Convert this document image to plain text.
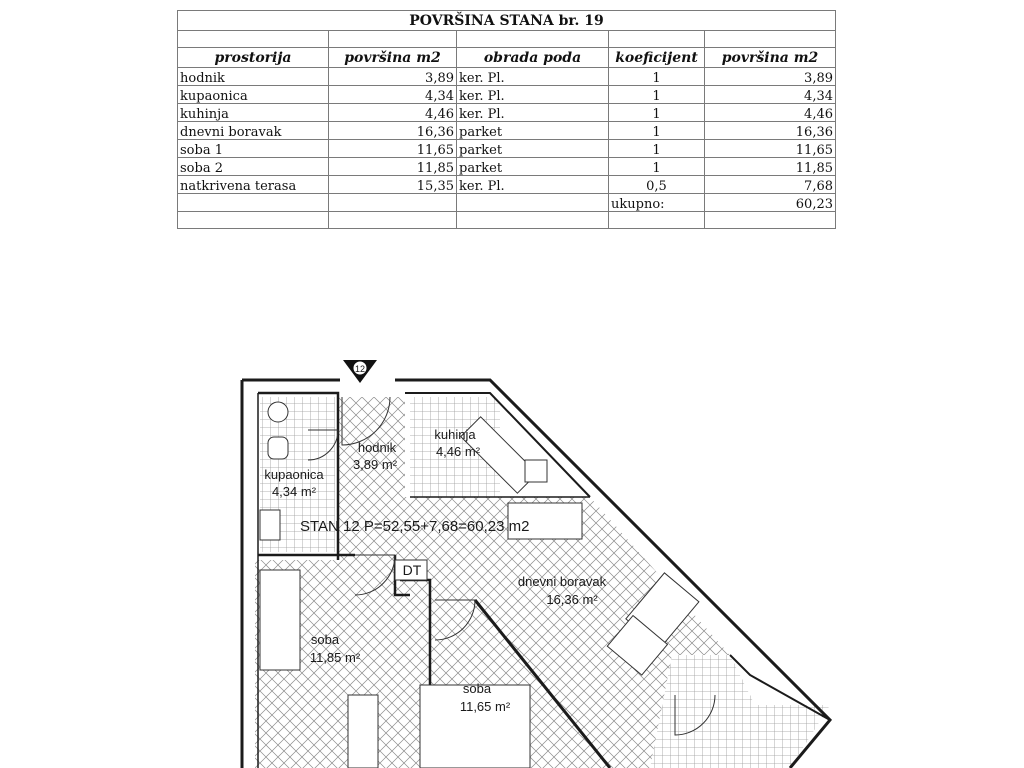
POVRŠINA STANA br. 19				

prostorija	površina m2	obrada poda	koeficijent	površina m2
hodnik	3,89	ker. Pl.	1	3,89
kupaonica	4,34	ker. Pl.	1	4,34
kuhinja	4,46	ker. Pl.	1	4,46
dnevni boravak	16,36	parket	1	16,36
soba 1	11,65	parket	1	11,65
soba 2	11,85	parket	1	11,85
natkrivena terasa	15,35	ker. Pl.	0,5	7,68
			ukupno:	60,23

12
hodnik
3,89 m²
kuhinja
4,46 m²
kupaonica
4,34 m²
STAN 12 P=52,55+7,68=60,23 m2
DT
dnevni boravak
16,36 m²
soba
11,85 m²
soba
11,65 m²
